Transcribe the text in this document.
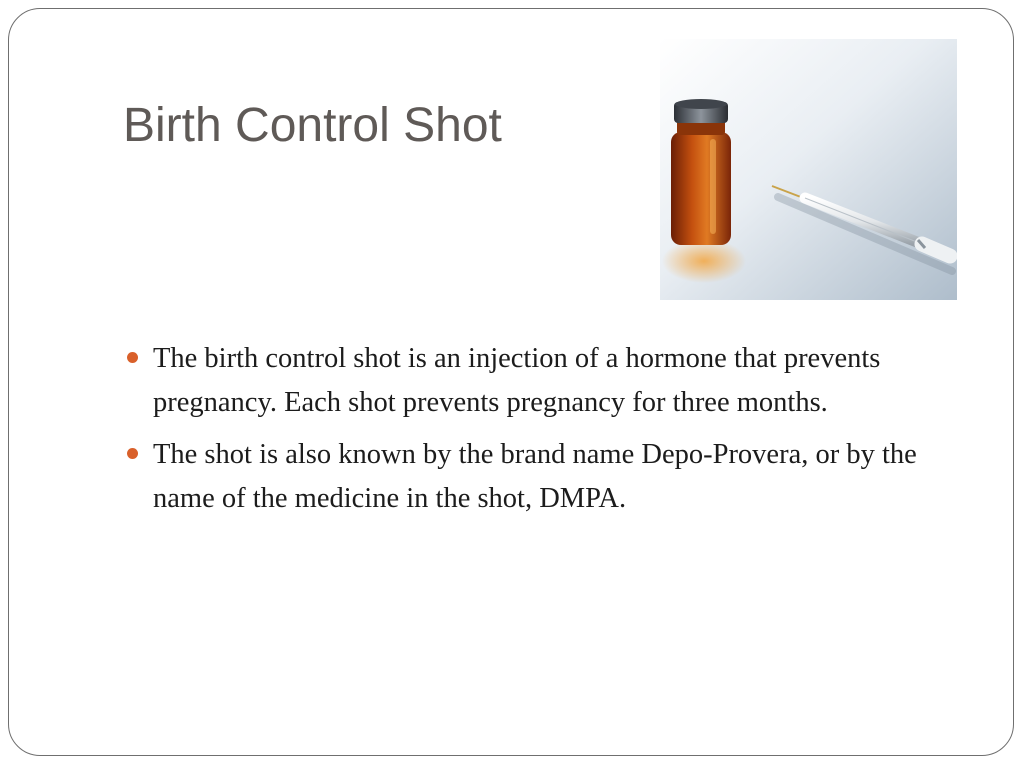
Birth Control Shot
The birth control shot is an injection of a hormone that prevents pregnancy. Each shot prevents pregnancy for three months.
The shot is also known by the brand name Depo-Provera, or by the name of the medicine in the shot, DMPA.
